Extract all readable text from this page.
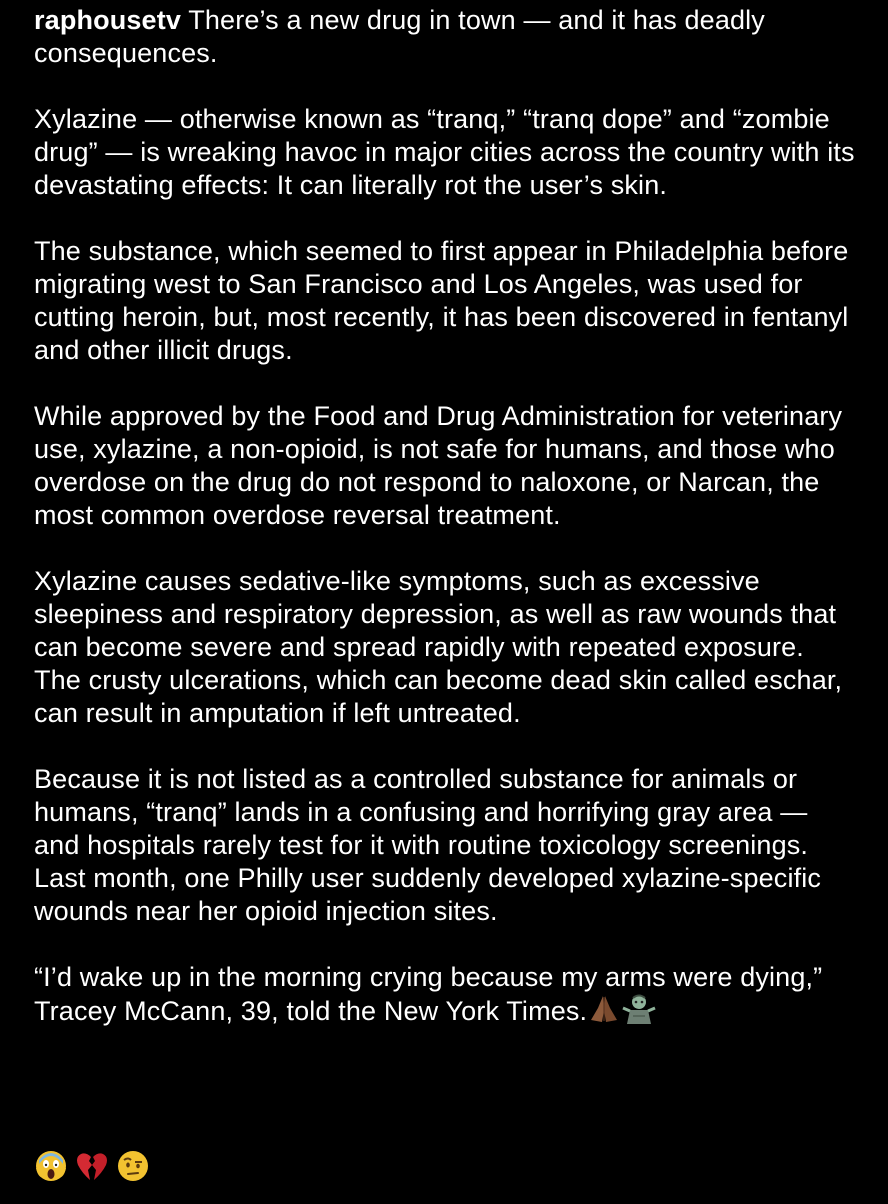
raphousetv There’s a new drug in town — and it has deadly consequences.
Xylazine — otherwise known as “tranq,” “tranq dope” and “zombie drug” — is wreaking havoc in major cities across the country with its devastating effects: It can literally rot the user’s skin.
The substance, which seemed to first appear in Philadelphia before migrating west to San Francisco and Los Angeles, was used for cutting heroin, but, most recently, it has been discovered in fentanyl and other illicit drugs.
While approved by the Food and Drug Administration for veterinary use, xylazine, a non-opioid, is not safe for humans, and those who overdose on the drug do not respond to naloxone, or Narcan, the most common overdose reversal treatment.
Xylazine causes sedative-like symptoms, such as excessive sleepiness and respiratory depression, as well as raw wounds that can become severe and spread rapidly with repeated exposure. The crusty ulcerations, which can become dead skin called eschar, can result in amputation if left untreated.
Because it is not listed as a controlled substance for animals or humans, “tranq” lands in a confusing and horrifying gray area — and hospitals rarely test for it with routine toxicology screenings. Last month, one Philly user suddenly developed xylazine-specific wounds near her opioid injection sites.
“I’d wake up in the morning crying because my arms were dying,” Tracey McCann, 39, told the New York Times.
